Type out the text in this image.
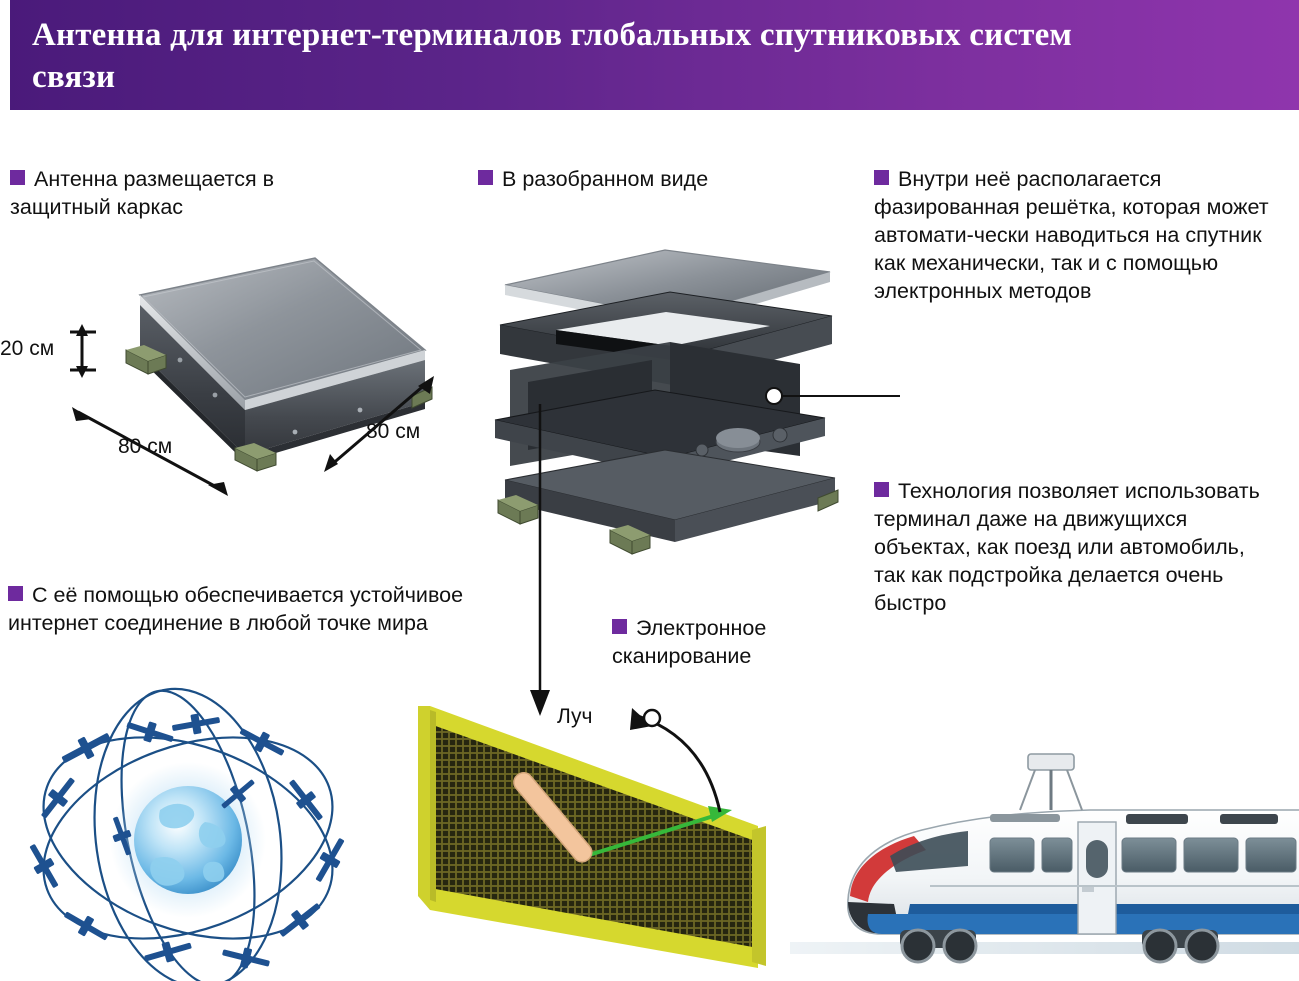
Антенна для интернет-терминалов глобальных спутниковых систем связи
Антенна размещается в защитный каркас
В разобранном виде	Внутри неё располагается фазированная решётка, которая может автомати-чески наводиться на спутник как механически, так и с помощью электронных методов
Технология позволяет использовать терминал даже на движущихся объектах, как поезд или автомобиль, так как подстройка делается очень быстро
С её помощью обеспечивается устойчивое интернет соединение в любой точке мира	Электронное сканирование
20 см
80 см
80 см
Луч
